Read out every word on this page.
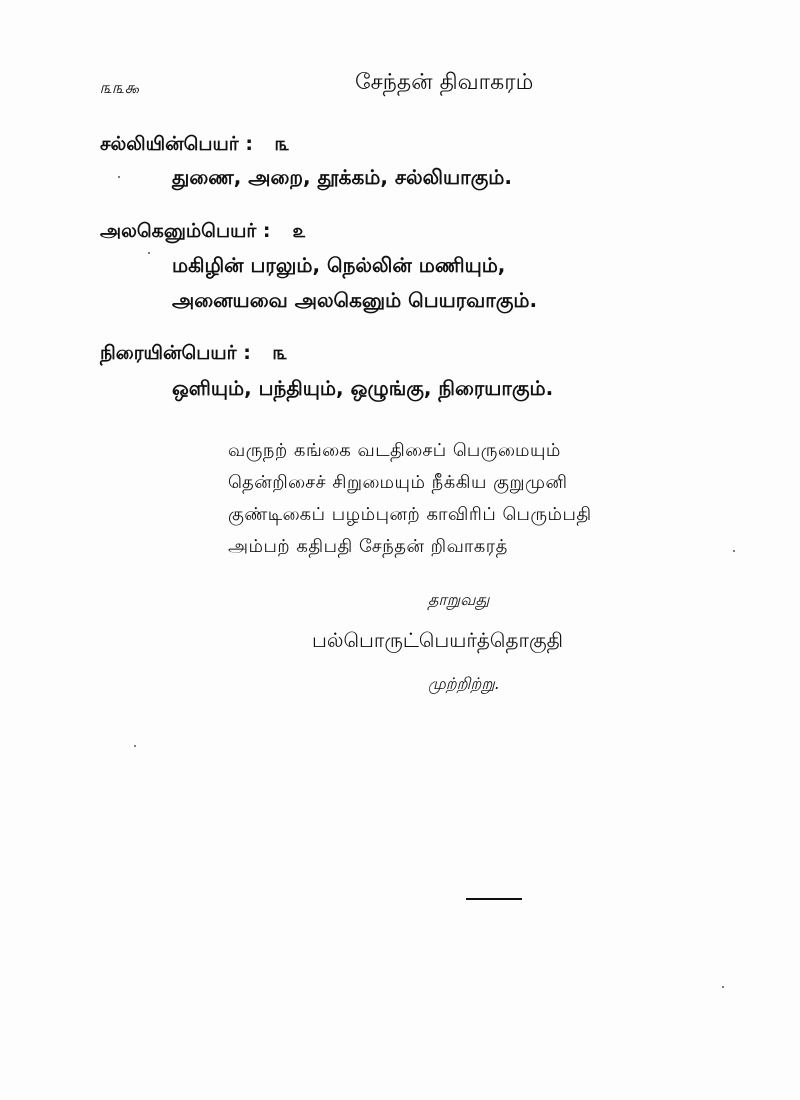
௩௩௯	சேந்தன் திவாகரம்
சல்லியின்பெயர் : ௩
துணை, அறை, தூக்கம், சல்லியாகும்.
அலகெனும்பெயர் : ௨
மகிழின் பரலும், நெல்லின் மணியும்,
அனையவை அலகெனும் பெயரவாகும்.
நிரையின்பெயர் : ௩
ஒளியும், பந்தியும், ஒழுங்கு, நிரையாகும்.
வருநற் கங்கை வடதிசைப் பெருமையும்
தென்றிசைச் சிறுமையும் நீக்கிய குறுமுனி
குண்டிகைப் பழம்புனற் காவிரிப் பெரும்பதி
அம்பற் கதிபதி சேந்தன் றிவாகரத்
தாறுவது
பல்பொருட்பெயர்த்தொகுதி
முற்றிற்று.
